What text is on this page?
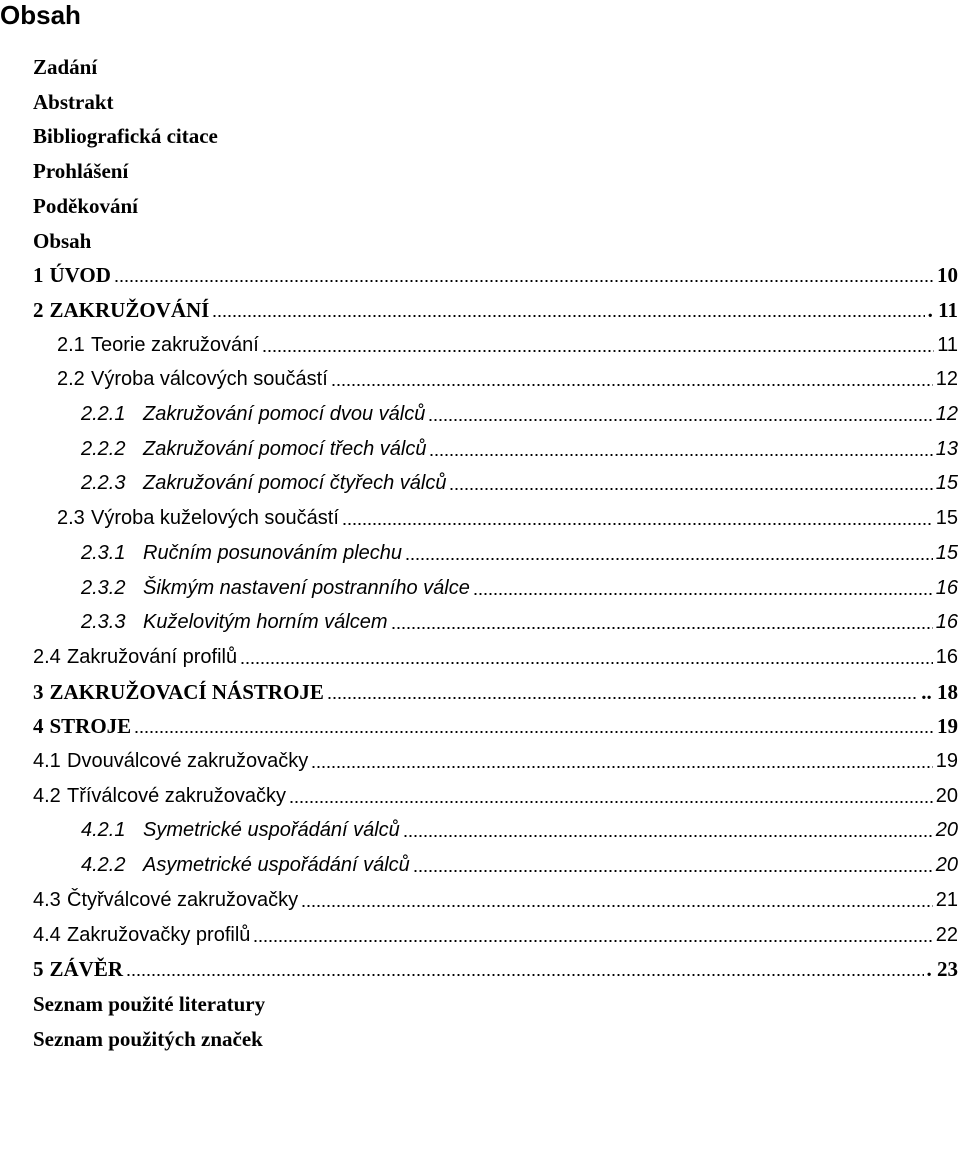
Obsah
Zadání
Abstrakt
Bibliografická citace
Prohlášení
Poděkování
Obsah
1 ÚVOD	10
2 ZAKRUŽOVÁNÍ	. 11
2.1 Teorie zakružování	11
2.2 Výroba válcových součástí	12
2.2.1 Zakružování pomocí dvou válců	12
2.2.2 Zakružování pomocí třech válců	13
2.2.3 Zakružování pomocí čtyřech válců	15
2.3 Výroba kuželových součástí	15
2.3.1 Ručním posunováním plechu	15
2.3.2 Šikmým nastavení postranního válce	16
2.3.3 Kuželovitým horním válcem	16
2.4 Zakružování profilů	16
3 ZAKRUŽOVACÍ NÁSTROJE	.. 18
4 STROJE	19
4.1 Dvouválcové zakružovačky	19
4.2 Tříválcové zakružovačky	20
4.2.1 Symetrické uspořádání válců	20
4.2.2 Asymetrické uspořádání válců	20
4.3 Čtyřválcové zakružovačky	21
4.4 Zakružovačky profilů	22
5 ZÁVĚR	. 23
Seznam použité literatury
Seznam použitých značek
